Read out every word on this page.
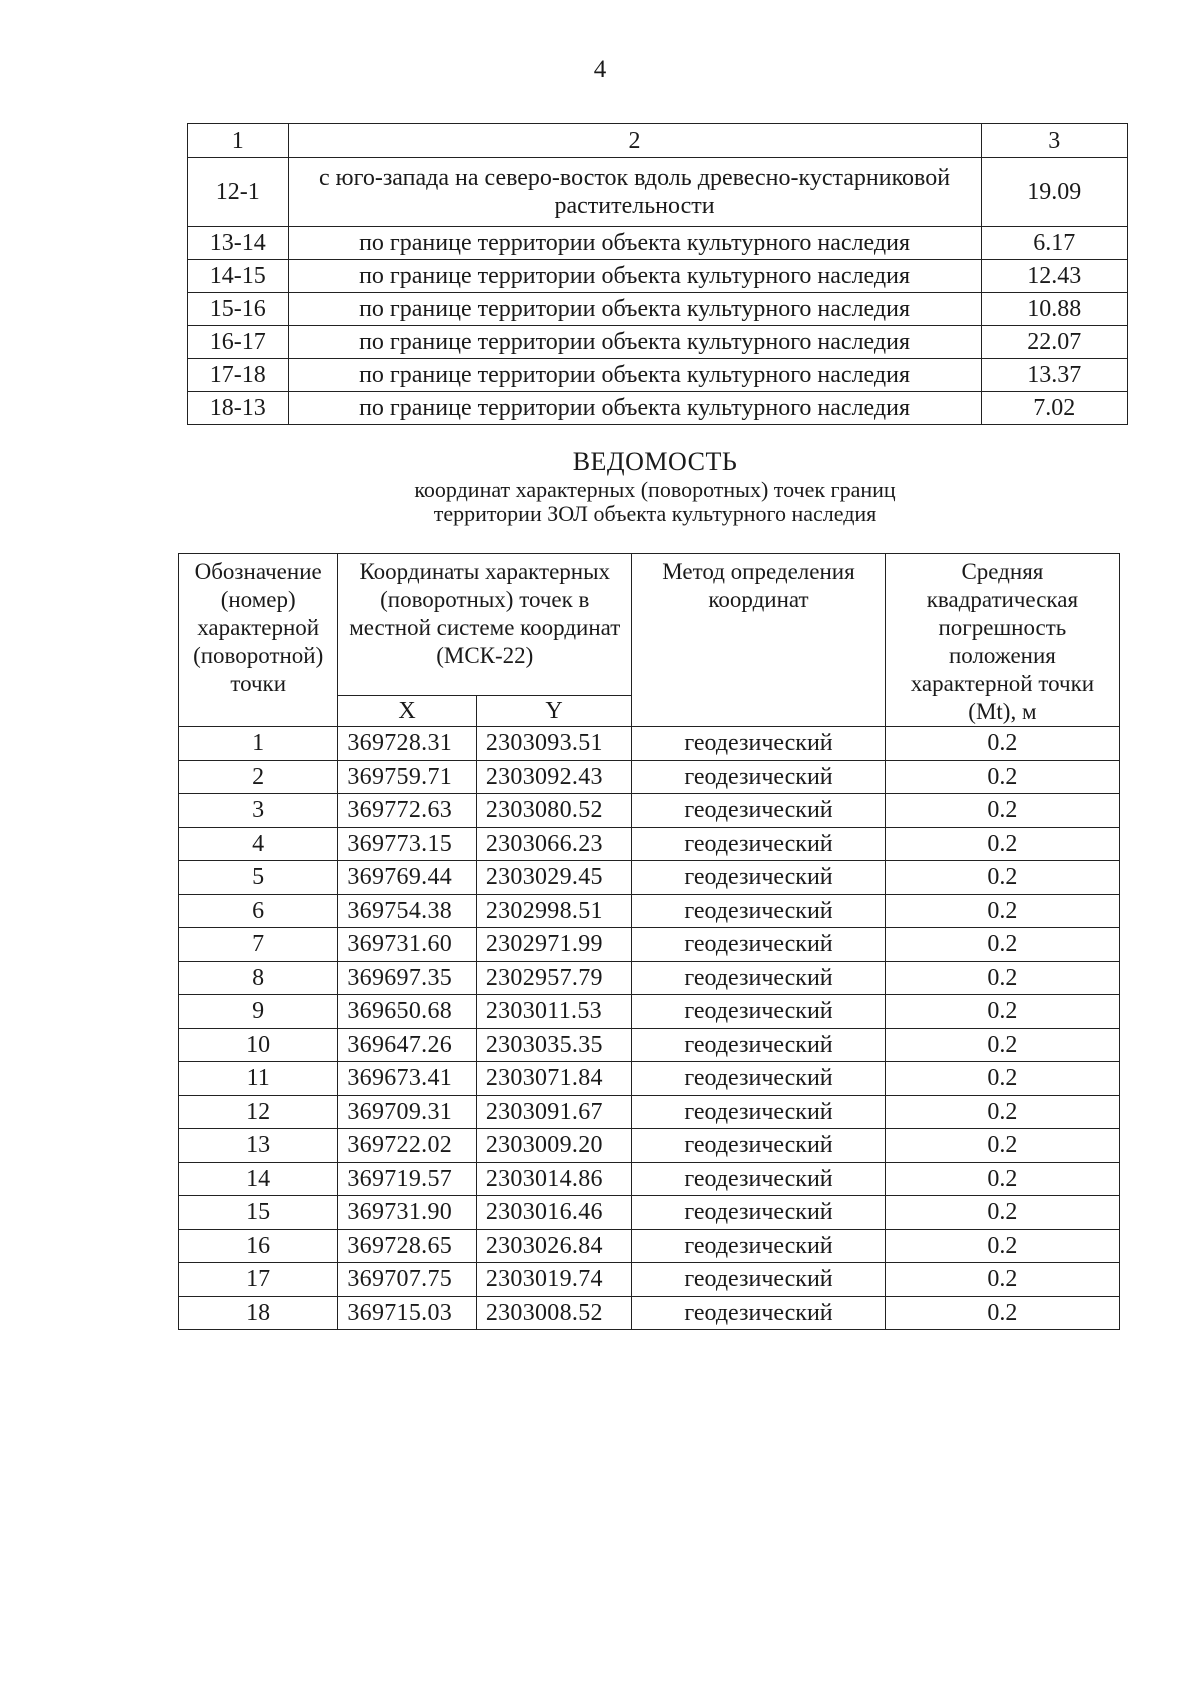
4
1	2	3
12-1	с юго-запада на северо-восток вдоль древесно-кустарниковой растительности	19.09
13-14	по границе территории объекта культурного наследия	6.17
14-15	по границе территории объекта культурного наследия	12.43
15-16	по границе территории объекта культурного наследия	10.88
16-17	по границе территории объекта культурного наследия	22.07
17-18	по границе территории объекта культурного наследия	13.37
18-13	по границе территории объекта культурного наследия	7.02
ВЕДОМОСТЬ
координат характерных (поворотных) точек границ
территории ЗОЛ объекта культурного наследия
Обозначение (номер) характерной (поворотной) точки	Координаты характерных (поворотных) точек в местной системе координат (МСК-22)		Метод определения координат	Средняя квадратическая погрешность положения характерной точки (Mt), м
	X	Y		
1	369728.31	2303093.51	геодезический	0.2
2	369759.71	2303092.43	геодезический	0.2
3	369772.63	2303080.52	геодезический	0.2
4	369773.15	2303066.23	геодезический	0.2
5	369769.44	2303029.45	геодезический	0.2
6	369754.38	2302998.51	геодезический	0.2
7	369731.60	2302971.99	геодезический	0.2
8	369697.35	2302957.79	геодезический	0.2
9	369650.68	2303011.53	геодезический	0.2
10	369647.26	2303035.35	геодезический	0.2
11	369673.41	2303071.84	геодезический	0.2
12	369709.31	2303091.67	геодезический	0.2
13	369722.02	2303009.20	геодезический	0.2
14	369719.57	2303014.86	геодезический	0.2
15	369731.90	2303016.46	геодезический	0.2
16	369728.65	2303026.84	геодезический	0.2
17	369707.75	2303019.74	геодезический	0.2
18	369715.03	2303008.52	геодезический	0.2
